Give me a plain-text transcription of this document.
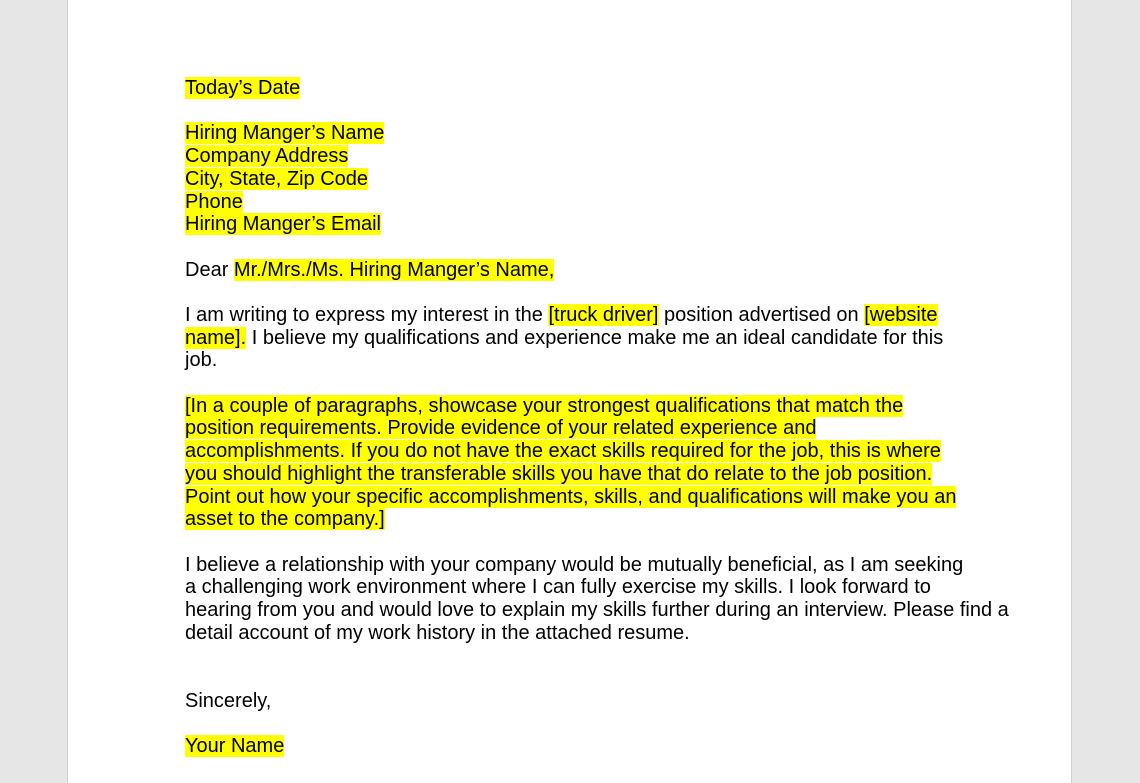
Today’s Date
Hiring Manger’s Name
Company Address
City, State, Zip Code
Phone
Hiring Manger’s Email
Dear Mr./Mrs./Ms. Hiring Manger’s Name,
I am writing to express my interest in the [truck driver] position advertised on [website
name]. I believe my qualifications and experience make me an ideal candidate for this
job.
[In a couple of paragraphs, showcase your strongest qualifications that match the
position requirements. Provide evidence of your related experience and
accomplishments. If you do not have the exact skills required for the job, this is where
you should highlight the transferable skills you have that do relate to the job position.
Point out how your specific accomplishments, skills, and qualifications will make you an
asset to the company.]
I believe a relationship with your company would be mutually beneficial, as I am seeking
a challenging work environment where I can fully exercise my skills. I look forward to
hearing from you and would love to explain my skills further during an interview. Please find a
detail account of my work history in the attached resume.
Sincerely,
Your Name
